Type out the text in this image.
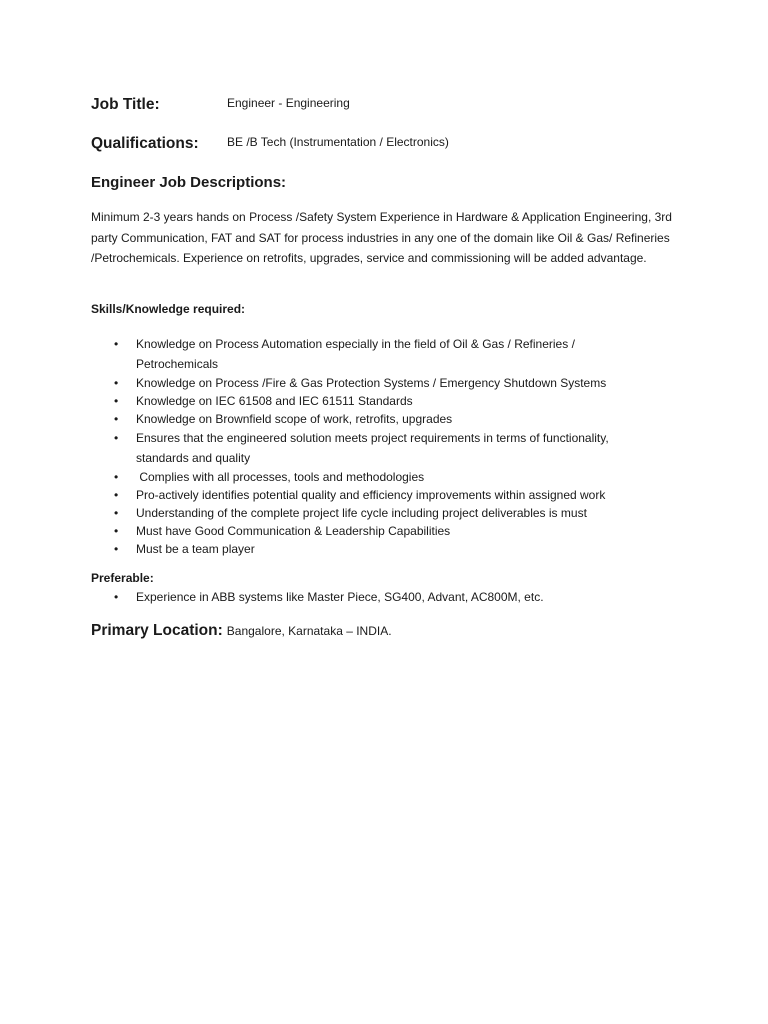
Job Title:	Engineer - Engineering
Qualifications: BE /B Tech (Instrumentation / Electronics)
Engineer Job Descriptions:
Minimum 2-3 years hands on Process /Safety System Experience in Hardware & Application Engineering, 3rd party Communication, FAT and SAT for process industries in any one of the domain like Oil & Gas/ Refineries /Petrochemicals. Experience on retrofits, upgrades, service and commissioning will be added advantage.
Skills/Knowledge required:
• Knowledge on Process Automation especially in the field of Oil & Gas / Refineries / Petrochemicals
• Knowledge on Process /Fire & Gas Protection Systems / Emergency Shutdown Systems
• Knowledge on IEC 61508 and IEC 61511 Standards
• Knowledge on Brownfield scope of work, retrofits, upgrades
• Ensures that the engineered solution meets project requirements in terms of functionality, standards and quality
• Complies with all processes, tools and methodologies
• Pro-actively identifies potential quality and efficiency improvements within assigned work
• Understanding of the complete project life cycle including project deliverables is must
• Must have Good Communication & Leadership Capabilities
• Must be a team player
Preferable:
• Experience in ABB systems like Master Piece, SG400, Advant, AC800M, etc.
Primary Location: Bangalore, Karnataka – INDIA.
